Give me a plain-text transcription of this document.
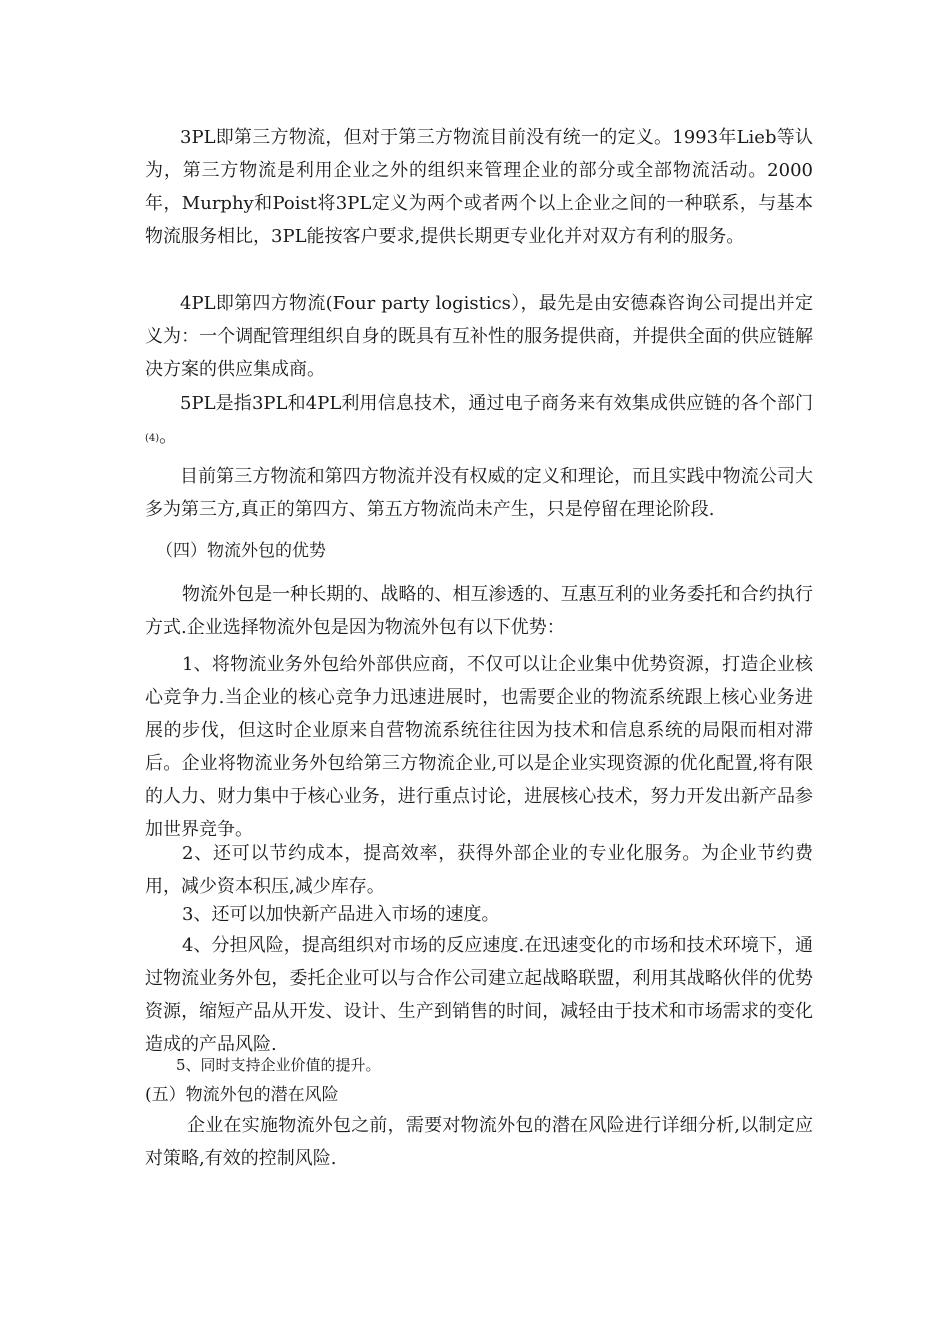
3PL即第三方物流，但对于第三方物流目前没有统一的定义。1993年Lieb等认为，第三方物流是利用企业之外的组织来管理企业的部分或全部物流活动。2000年，Murphy和Poist将3PL定义为两个或者两个以上企业之间的一种联系，与基本物流服务相比，3PL能按客户要求,提供长期更专业化并对双方有利的服务。

4PL即第四方物流(Four party logistics），最先是由安德森咨询公司提出并定义为：一个调配管理组织自身的既具有互补性的服务提供商，并提供全面的供应链解决方案的供应集成商。

5PL是指3PL和4PL利用信息技术，通过电子商务来有效集成供应链的各个部门$^{(4)}$。

目前第三方物流和第四方物流并没有权威的定义和理论，而且实践中物流公司大多为第三方,真正的第四方、第五方物流尚未产生，只是停留在理论阶段.

（四）物流外包的优势

物流外包是一种长期的、战略的、相互渗透的、互惠互利的业务委托和合约执行方式.企业选择物流外包是因为物流外包有以下优势：

1、将物流业务外包给外部供应商，不仅可以让企业集中优势资源，打造企业核心竞争力.当企业的核心竞争力迅速进展时，也需要企业的物流系统跟上核心业务进展的步伐，但这时企业原来自营物流系统往往因为技术和信息系统的局限而相对滞后。企业将物流业务外包给第三方物流企业,可以是企业实现资源的优化配置,将有限的人力、财力集中于核心业务，进行重点讨论，进展核心技术，努力开发出新产品参加世界竞争。

2、还可以节约成本，提高效率，获得外部企业的专业化服务。为企业节约费用，减少资本积压,减少库存。

3、还可以加快新产品进入市场的速度。

4、分担风险，提高组织对市场的反应速度.在迅速变化的市场和技术环境下，通过物流业务外包，委托企业可以与合作公司建立起战略联盟，利用其战略伙伴的优势资源，缩短产品从开发、设计、生产到销售的时间，减轻由于技术和市场需求的变化造成的产品风险.

5、同时支持企业价值的提升。

(五）物流外包的潜在风险

企业在实施物流外包之前，需要对物流外包的潜在风险进行详细分析,以制定应对策略,有效的控制风险.
